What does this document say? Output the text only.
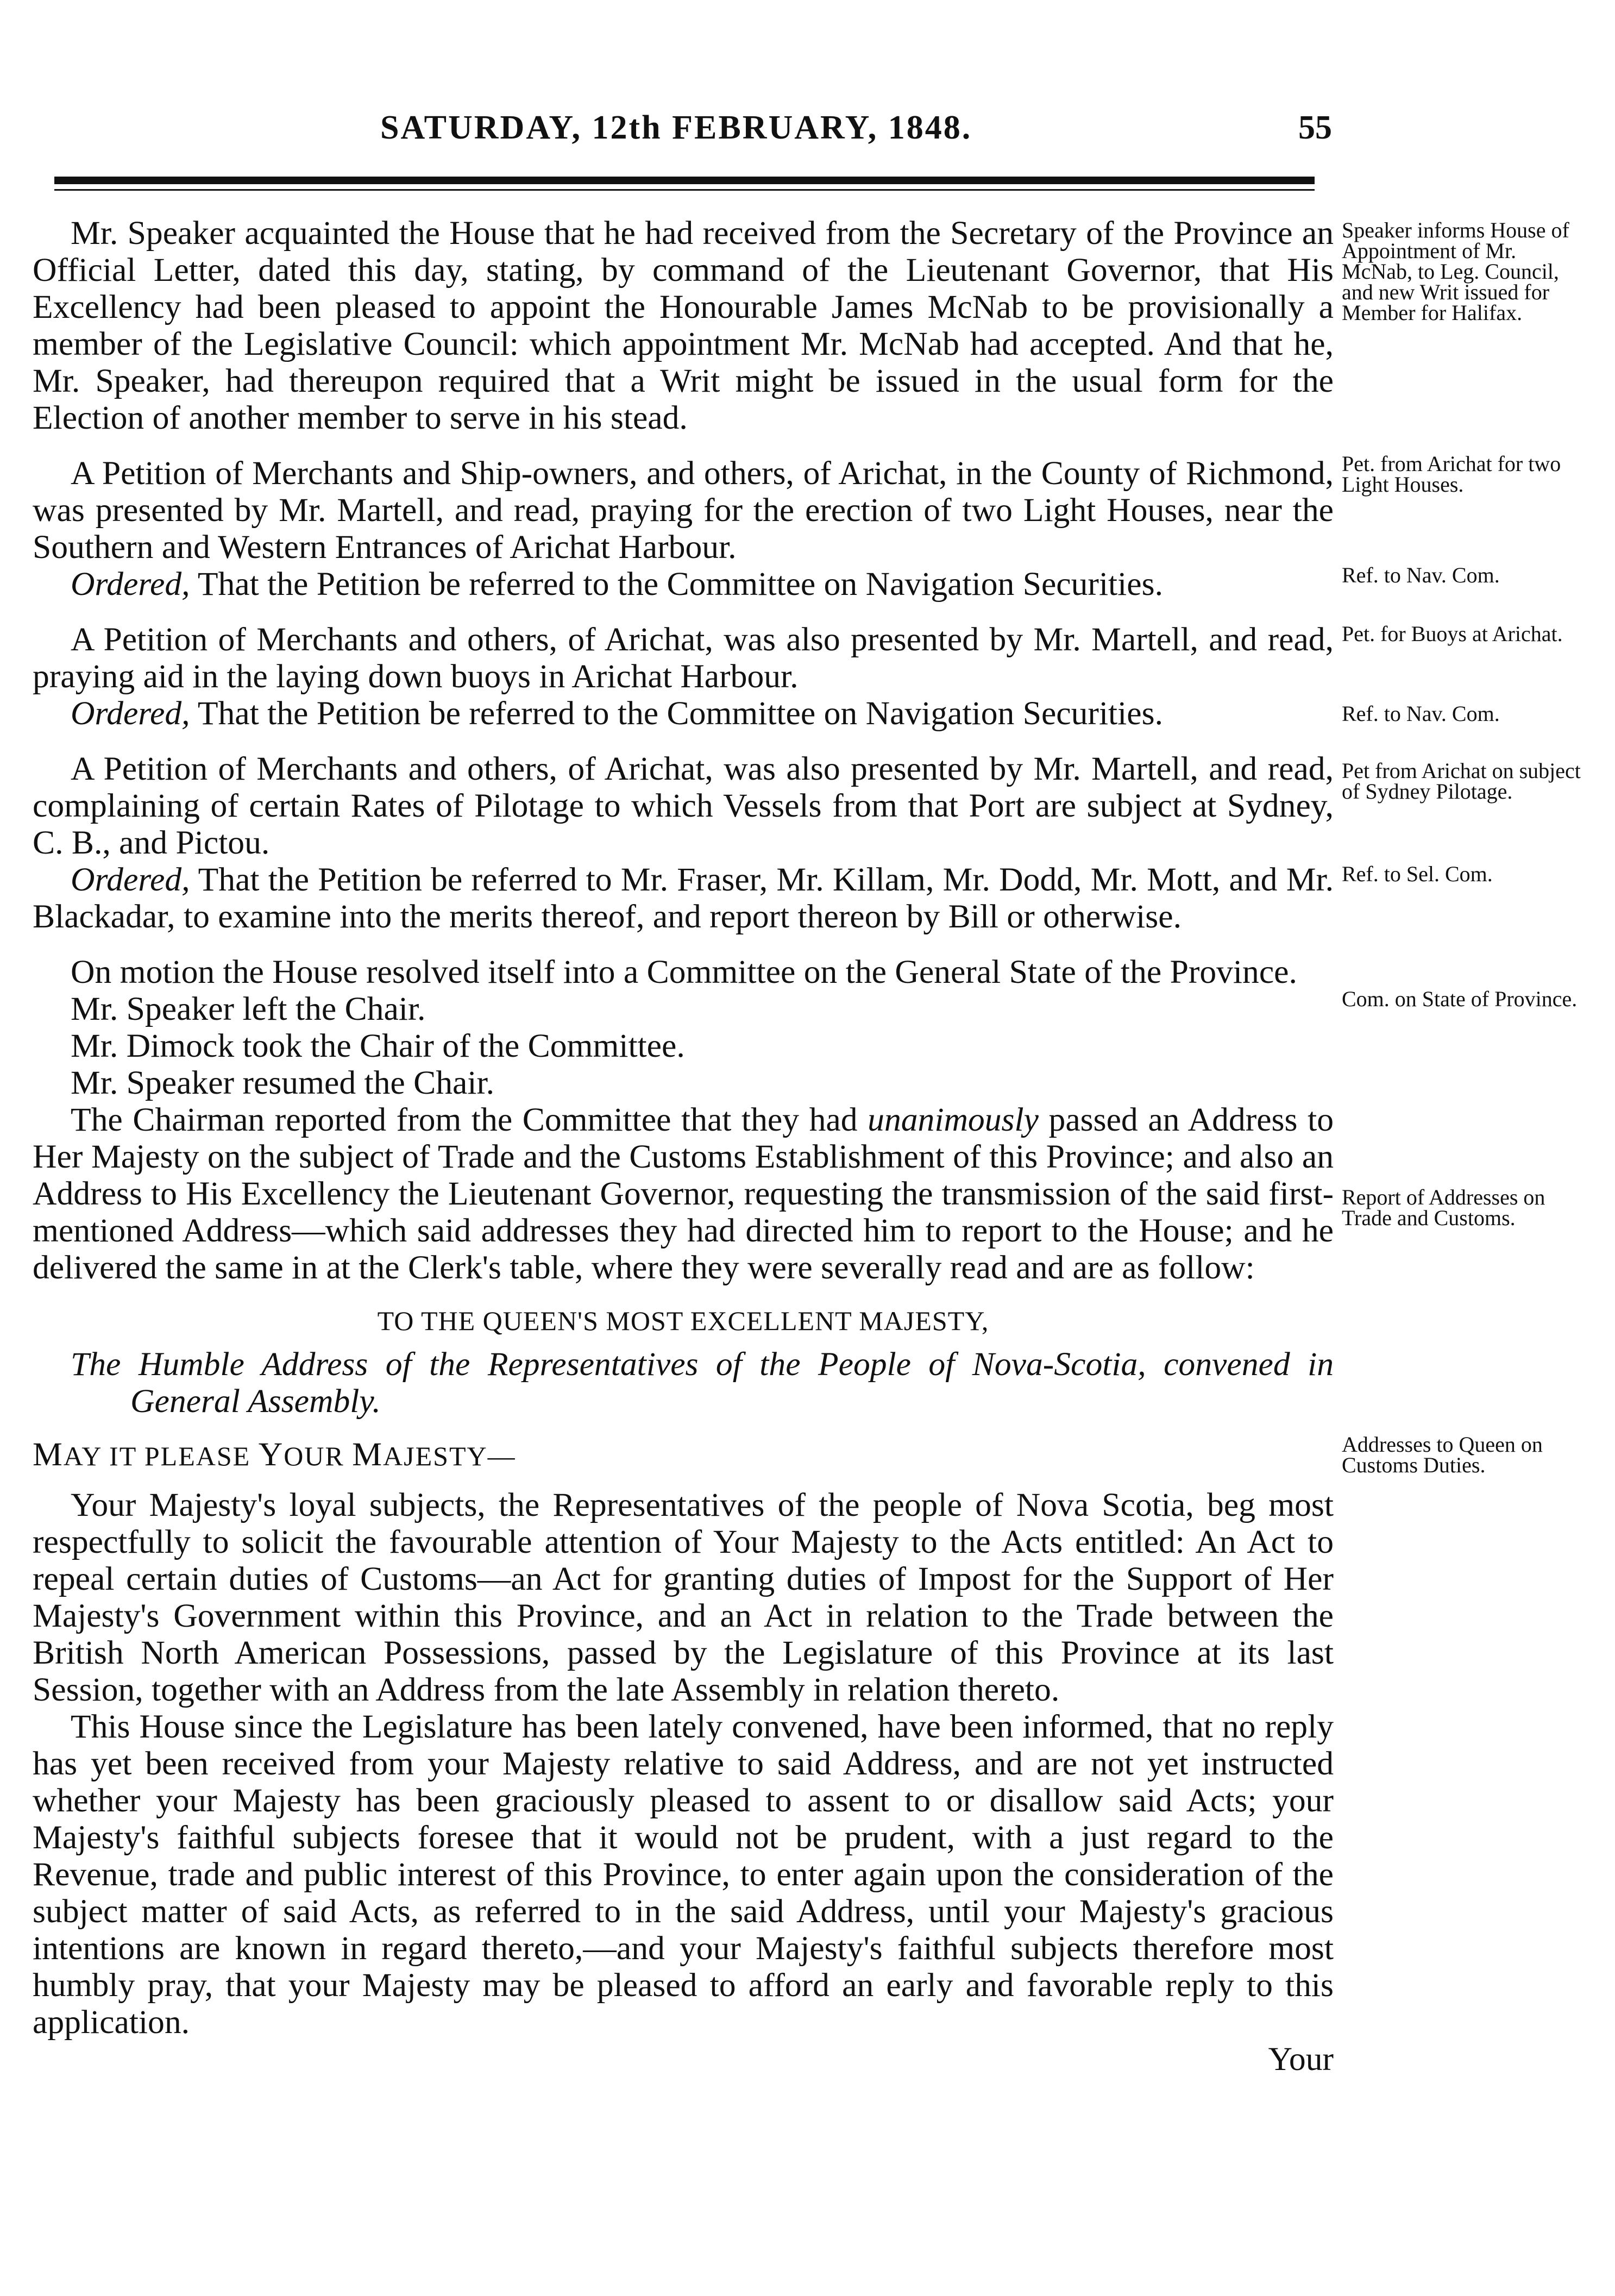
SATURDAY, 12th FEBRUARY, 1848.	55

Mr. Speaker acquainted the House that he had received from the Secretary of the Province an Official Letter, dated this day, stating, by command of the Lieutenant Governor, that His Excellency had been pleased to appoint the Honourable James McNab to be provisionally a member of the Legislative Council: which appointment Mr. McNab had accepted. And that he, Mr. Speaker, had thereupon required that a Writ might be issued in the usual form for the Election of another member to serve in his stead.

A Petition of Merchants and Ship-owners, and others, of Arichat, in the County of Richmond, was presented by Mr. Martell, and read, praying for the erection of two Light Houses, near the Southern and Western Entrances of Arichat Harbour.

Ordered, That the Petition be referred to the Committee on Navigation Securities.

A Petition of Merchants and others, of Arichat, was also presented by Mr. Martell, and read, praying aid in the laying down buoys in Arichat Harbour.

Ordered, That the Petition be referred to the Committee on Navigation Securities.

A Petition of Merchants and others, of Arichat, was also presented by Mr. Martell, and read, complaining of certain Rates of Pilotage to which Vessels from that Port are subject at Sydney, C. B., and Pictou.

Ordered, That the Petition be referred to Mr. Fraser, Mr. Killam, Mr. Dodd, Mr. Mott, and Mr. Blackadar, to examine into the merits thereof, and report thereon by Bill or otherwise.

On motion the House resolved itself into a Committee on the General State of the Province.

Mr. Speaker left the Chair.

Mr. Dimock took the Chair of the Committee.

Mr. Speaker resumed the Chair.

The Chairman reported from the Committee that they had unanimously passed an Address to Her Majesty on the subject of Trade and the Customs Establishment of this Province; and also an Address to His Excellency the Lieutenant Governor, requesting the transmission of the said first-mentioned Address—which said addresses they had directed him to report to the House; and he delivered the same in at the Clerk's table, where they were severally read and are as follow:

TO THE QUEEN'S MOST EXCELLENT MAJESTY,

The Humble Address of the Representatives of the People of Nova-Scotia, convened in General Assembly.

MAY IT PLEASE YOUR MAJESTY—

Your Majesty's loyal subjects, the Representatives of the people of Nova Scotia, beg most respectfully to solicit the favourable attention of Your Majesty to the Acts entitled: An Act to repeal certain duties of Customs—an Act for granting duties of Impost for the Support of Her Majesty's Government within this Province, and an Act in relation to the Trade between the British North American Possessions, passed by the Legislature of this Province at its last Session, together with an Address from the late Assembly in relation thereto.

This House since the Legislature has been lately convened, have been informed, that no reply has yet been received from your Majesty relative to said Address, and are not yet instructed whether your Majesty has been graciously pleased to assent to or disallow said Acts; your Majesty's faithful subjects foresee that it would not be prudent, with a just regard to the Revenue, trade and public interest of this Province, to enter again upon the consideration of the subject matter of said Acts, as referred to in the said Address, until your Majesty's gracious intentions are known in regard thereto,—and your Majesty's faithful subjects therefore most humbly pray, that your Majesty may be pleased to afford an early and favorable reply to this application.

Your

Speaker informs House of Appointment of Mr. McNab, to Leg. Council, and new Writ issued for Member for Halifax.
Pet. from Arichat for two Light Houses.
Ref. to Nav. Com.
Pet. for Buoys at Arichat.
Ref. to Nav. Com.
Pet from Arichat on subject of Sydney Pilotage.
Ref. to Sel. Com.
Com. on State of Province.
Report of Addresses on Trade and Customs.
Addresses to Queen on Customs Duties.
